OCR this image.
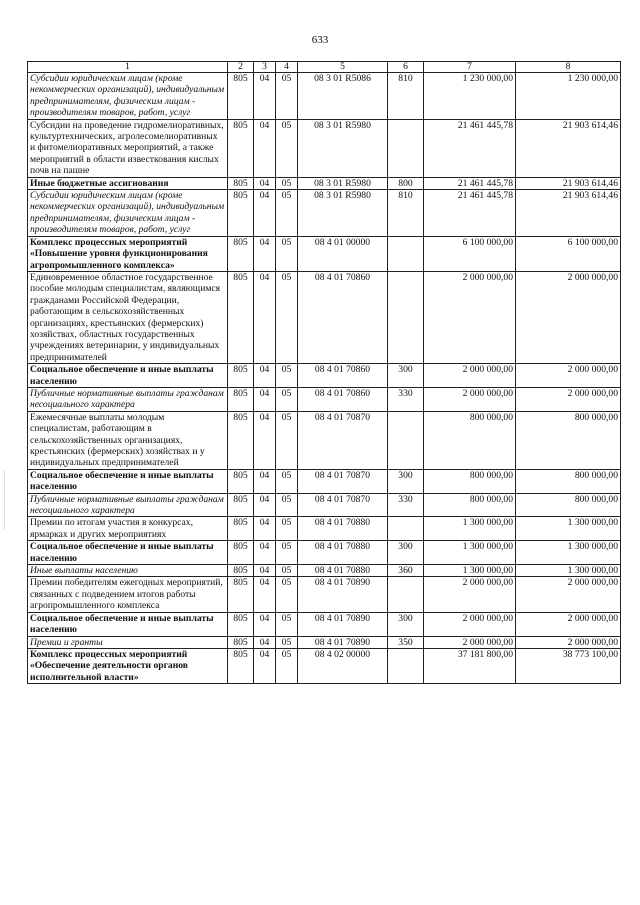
633
1	2	3	4	5	6	7	8
Субсидии юридическим лицам (кроме некоммерческих организаций), индивидуальным предпринимателям, физическим лицам - производителям товаров, работ, услуг	805	04	05	08 3 01 R5086	810	1 230 000,00	1 230 000,00
Субсидии на проведение гидромелиоративных, культуртехнических, агролесомелиоративных и фитомелиоративных мероприятий, а также мероприятий в области известкования кислых почв на пашне	805	04	05	08 3 01 R5980		21 461 445,78	21 903 614,46
Иные бюджетные ассигнования	805	04	05	08 3 01 R5980	800	21 461 445,78	21 903 614,46
Субсидии юридическим лицам (кроме некоммерческих организаций), индивидуальным предпринимателям, физическим лицам - производителям товаров, работ, услуг	805	04	05	08 3 01 R5980	810	21 461 445,78	21 903 614,46
Комплекс процессных мероприятий «Повышение уровня функционирования агропромышленного комплекса»	805	04	05	08 4 01 00000		6 100 000,00	6 100 000,00
Единовременное областное государственное пособие молодым специалистам, являющимся гражданами Российской Федерации, работающим в сельскохозяйственных организациях, крестьянских (фермерских) хозяйствах, областных государственных учреждениях ветеринарии, у индивидуальных предпринимателей	805	04	05	08 4 01 70860		2 000 000,00	2 000 000,00
Социальное обеспечение и иные выплаты населению	805	04	05	08 4 01 70860	300	2 000 000,00	2 000 000,00
Публичные нормативные выплаты гражданам несоциального характера	805	04	05	08 4 01 70860	330	2 000 000,00	2 000 000,00
Ежемесячные выплаты молодым специалистам, работающим в сельскохозяйственных организациях, крестьянских (фермерских) хозяйствах и у индивидуальных предпринимателей	805	04	05	08 4 01 70870		800 000,00	800 000,00
Социальное обеспечение и иные выплаты населению	805	04	05	08 4 01 70870	300	800 000,00	800 000,00
Публичные нормативные выплаты гражданам несоциального характера	805	04	05	08 4 01 70870	330	800 000,00	800 000,00
Премии по итогам участия в конкурсах, ярмарках и других мероприятиях	805	04	05	08 4 01 70880		1 300 000,00	1 300 000,00
Социальное обеспечение и иные выплаты населению	805	04	05	08 4 01 70880	300	1 300 000,00	1 300 000,00
Иные выплаты населению	805	04	05	08 4 01 70880	360	1 300 000,00	1 300 000,00
Премии победителям ежегодных мероприятий, связанных с подведением итогов работы агропромышленного комплекса	805	04	05	08 4 01 70890		2 000 000,00	2 000 000,00
Социальное обеспечение и иные выплаты населению	805	04	05	08 4 01 70890	300	2 000 000,00	2 000 000,00
Премии и гранты	805	04	05	08 4 01 70890	350	2 000 000,00	2 000 000,00
Комплекс процессных мероприятий «Обеспечение деятельности органов исполнительной власти»	805	04	05	08 4 02 00000		37 181 800,00	38 773 100,00
